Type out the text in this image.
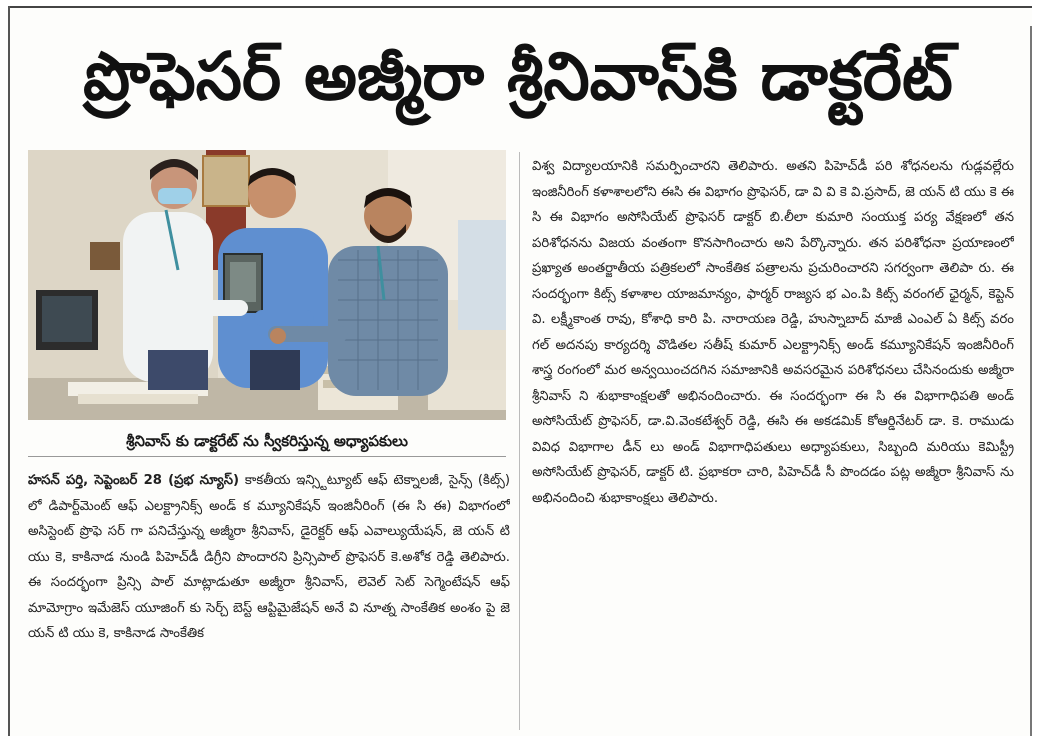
ప్రొఫెసర్ అజ్మీరా శ్రీనివాస్‌కి డాక్టరేట్
శ్రీనివాస్ కు డాక్టరేట్ ను స్వీకరిస్తున్న అధ్యాపకులు

హసన్ పర్తి, సెప్టెంబర్ 28 (ప్రభ న్యూస్) కాకతీయ ఇన్స్టిట్యూట్ ఆఫ్ టెక్నాలజీ, సైన్స్ (కిట్స్) లో డిపార్ట్‌మెంట్ ఆఫ్ ఎలక్ట్రానిక్స్ అండ్ క మ్యూనికేషన్ ఇంజినీరింగ్ (ఈ సి ఈ) విభాగంలో అసిస్టెంట్ ప్రొఫె సర్ గా పనిచేస్తున్న అజ్మీరా శ్రీనివాస్, డైరెక్టర్ ఆఫ్ ఎవాల్యుయేషన్, జె యన్ టి యు కె, కాకినాడ నుండి పిహెచ్‌డీ డిగ్రీని పొందారని ప్రిన్సిపాల్ ప్రొఫెసర్ కె.అశోక రెడ్డి తెలిపారు. ఈ సందర్భంగా ప్రిన్సి పాల్ మాట్లాడుతూ అజ్మీరా శ్రీనివాస్, లెవెల్ సెట్ సెగ్మెంటేషన్ ఆఫ్ మామోగ్రాం ఇమేజెస్ యూజింగ్ కు సెర్చ్ బెస్ట్ ఆప్టిమైజేషన్ అనే వి నూత్న సాంకేతిక అంశం పై జె యన్ టి యు కె, కాకినాడ సాంకేతిక

విశ్వ విద్యాలయానికి సమర్పించారని తెలిపారు. అతని పిహెచ్‌డీ పరి శోధనలను గుడ్లవల్లేరు ఇంజినీరింగ్ కళాశాలలోని ఈసి ఈ విభాగం ప్రొఫెసర్, డా వి వి కె వి.ప్రసాద్, జె యన్ టి యు కె ఈ సి ఈ విభాగం అసోసియేట్ ప్రొఫెసర్ డాక్టర్ బి.లీలా కుమారి సంయుక్త పర్య వేక్షణలో తన పరిశోధనను విజయ వంతంగా కొనసాగించారు అని పేర్కొన్నారు. తన పరిశోధనా ప్రయాణంలో ప్రఖ్యాత అంతర్జాతీయ పత్రికలలో సాంకేతిక పత్రాలను ప్రచురించారని సగర్వంగా తెలిపా రు. ఈ సందర్భంగా కిట్స్ కళాశాల యాజమాన్యం, ఫార్మర్ రాజ్యస భ ఎం.పి కిట్స్ వరంగల్ ఛైర్మన్, కెప్టెన్ వి. లక్ష్మీకాంత రావు, కోశాధి కారి పి. నారాయణ రెడ్డి, హుస్నాబాద్ మాజీ ఎంఎల్ ఏ కిట్స్ వరం గల్ అదనపు కార్యదర్శి వొడితల సతీష్ కుమార్ ఎలక్ట్రానిక్స్ అండ్ కమ్యూనికేషన్ ఇంజినీరింగ్ శాస్త్ర రంగంలో మర అన్వయించదగిన సమాజానికి అవసరమైన పరిశోధనలు చేసినందుకు అజ్మీరా శ్రీనివాస్ ని శుభాకాంక్షలతో అభినందించారు. ఈ సందర్భంగా ఈ సి ఈ విభాగాధిపతి అండ్ అసోసియేట్ ప్రొఫెసర్, డా.వి.వెంకటేశ్వర్ రెడ్డి, ఈసి ఈ అకడమిక్ కోఆర్డినేటర్ డా. కె. రాముడు వివిధ విభాగాల డీన్ లు అండ్ విభాగాధిపతులు అధ్యాపకులు, సిబ్బంది మరియు కెమిస్ట్రీ అసోసియేట్ ప్రొఫెసర్, డాక్టర్ టి. ప్రభాకరా చారి, పిహెచ్‌డీ సీ పొందడం పట్ల అజ్మీరా శ్రీనివాస్ ను అభినందించి శుభాకాంక్షలు తెలిపారు.
